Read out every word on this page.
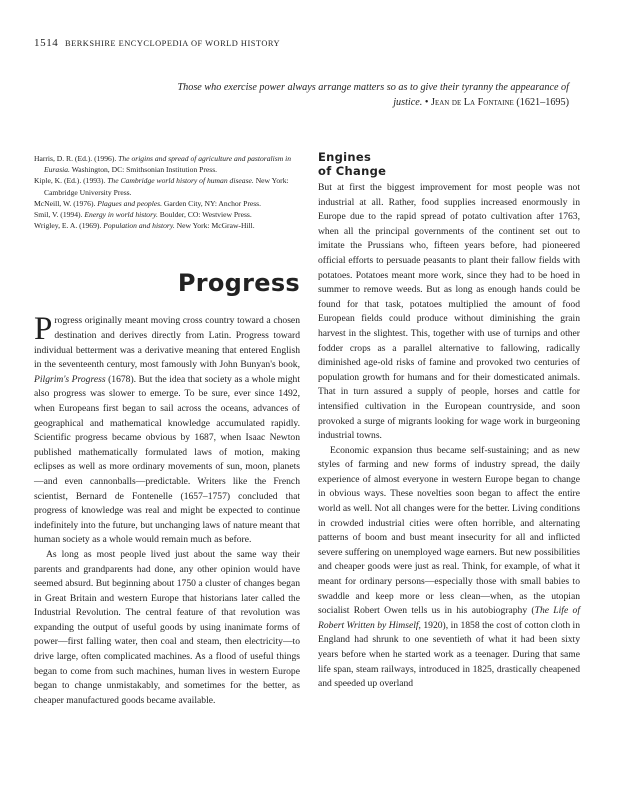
1514 BERKSHIRE ENCYCLOPEDIA OF WORLD HISTORY
Those who exercise power always arrange matters so as to give their tyranny the appearance of justice. • Jean de La Fontaine (1621–1695)
Harris, D. R. (Ed.). (1996). The origins and spread of agriculture and pastoralism in Eurasia. Washington, DC: Smithsonian Institution Press.
Kiple, K. (Ed.). (1993). The Cambridge world history of human disease. New York: Cambridge University Press.
McNeill, W. (1976). Plagues and peoples. Garden City, NY: Anchor Press.
Smil, V. (1994). Energy in world history. Boulder, CO: Westview Press.
Wrigley, E. A. (1969). Population and history. New York: McGraw-Hill.
Progress

Progress originally meant moving cross country toward a chosen destination and derives directly from Latin. Progress toward individual betterment was a derivative meaning that entered English in the seventeenth century, most famously with John Bunyan's book, Pilgrim's Progress (1678). But the idea that society as a whole might also progress was slower to emerge. To be sure, ever since 1492, when Europeans first began to sail across the oceans, advances of geographical and mathematical knowledge accumulated rapidly. Scientific progress became obvious by 1687, when Isaac Newton published mathematically formulated laws of motion, making eclipses as well as more ordinary movements of sun, moon, planets—and even cannonballs—predictable. Writers like the French scientist, Bernard de Fontenelle (1657–1757) concluded that progress of knowledge was real and might be expected to continue indefinitely into the future, but unchanging laws of nature meant that human society as a whole would remain much as before.

As long as most people lived just about the same way their parents and grandparents had done, any other opinion would have seemed absurd. But beginning about 1750 a cluster of changes began in Great Britain and western Europe that historians later called the Industrial Revolution. The central feature of that revolution was expanding the output of useful goods by using inanimate forms of power—first falling water, then coal and steam, then electricity—to drive large, often complicated machines. As a flood of useful things began to come from such machines, human lives in western Europe began to change unmistakably, and sometimes for the better, as cheaper manufactured goods became available.

Engines
of Change

But at first the biggest improvement for most people was not industrial at all. Rather, food supplies increased enormously in Europe due to the rapid spread of potato cultivation after 1763, when all the principal governments of the continent set out to imitate the Prussians who, fifteen years before, had pioneered official efforts to persuade peasants to plant their fallow fields with potatoes. Potatoes meant more work, since they had to be hoed in summer to remove weeds. But as long as enough hands could be found for that task, potatoes multiplied the amount of food European fields could produce without diminishing the grain harvest in the slightest. This, together with use of turnips and other fodder crops as a parallel alternative to fallowing, radically diminished age-old risks of famine and provoked two centuries of population growth for humans and for their domesticated animals. That in turn assured a supply of people, horses and cattle for intensified cultivation in the European countryside, and soon provoked a surge of migrants looking for wage work in burgeoning industrial towns.

Economic expansion thus became self-sustaining; and as new styles of farming and new forms of industry spread, the daily experience of almost everyone in western Europe began to change in obvious ways. These novelties soon began to affect the entire world as well. Not all changes were for the better. Living conditions in crowded industrial cities were often horrible, and alternating patterns of boom and bust meant insecurity for all and inflicted severe suffering on unemployed wage earners. But new possibilities and cheaper goods were just as real. Think, for example, of what it meant for ordinary persons—especially those with small babies to swaddle and keep more or less clean—when, as the utopian socialist Robert Owen tells us in his autobiography (The Life of Robert Written by Himself, 1920), in 1858 the cost of cotton cloth in England had shrunk to one seventieth of what it had been sixty years before when he started work as a teenager. During that same life span, steam railways, introduced in 1825, drastically cheapened and speeded up overland
